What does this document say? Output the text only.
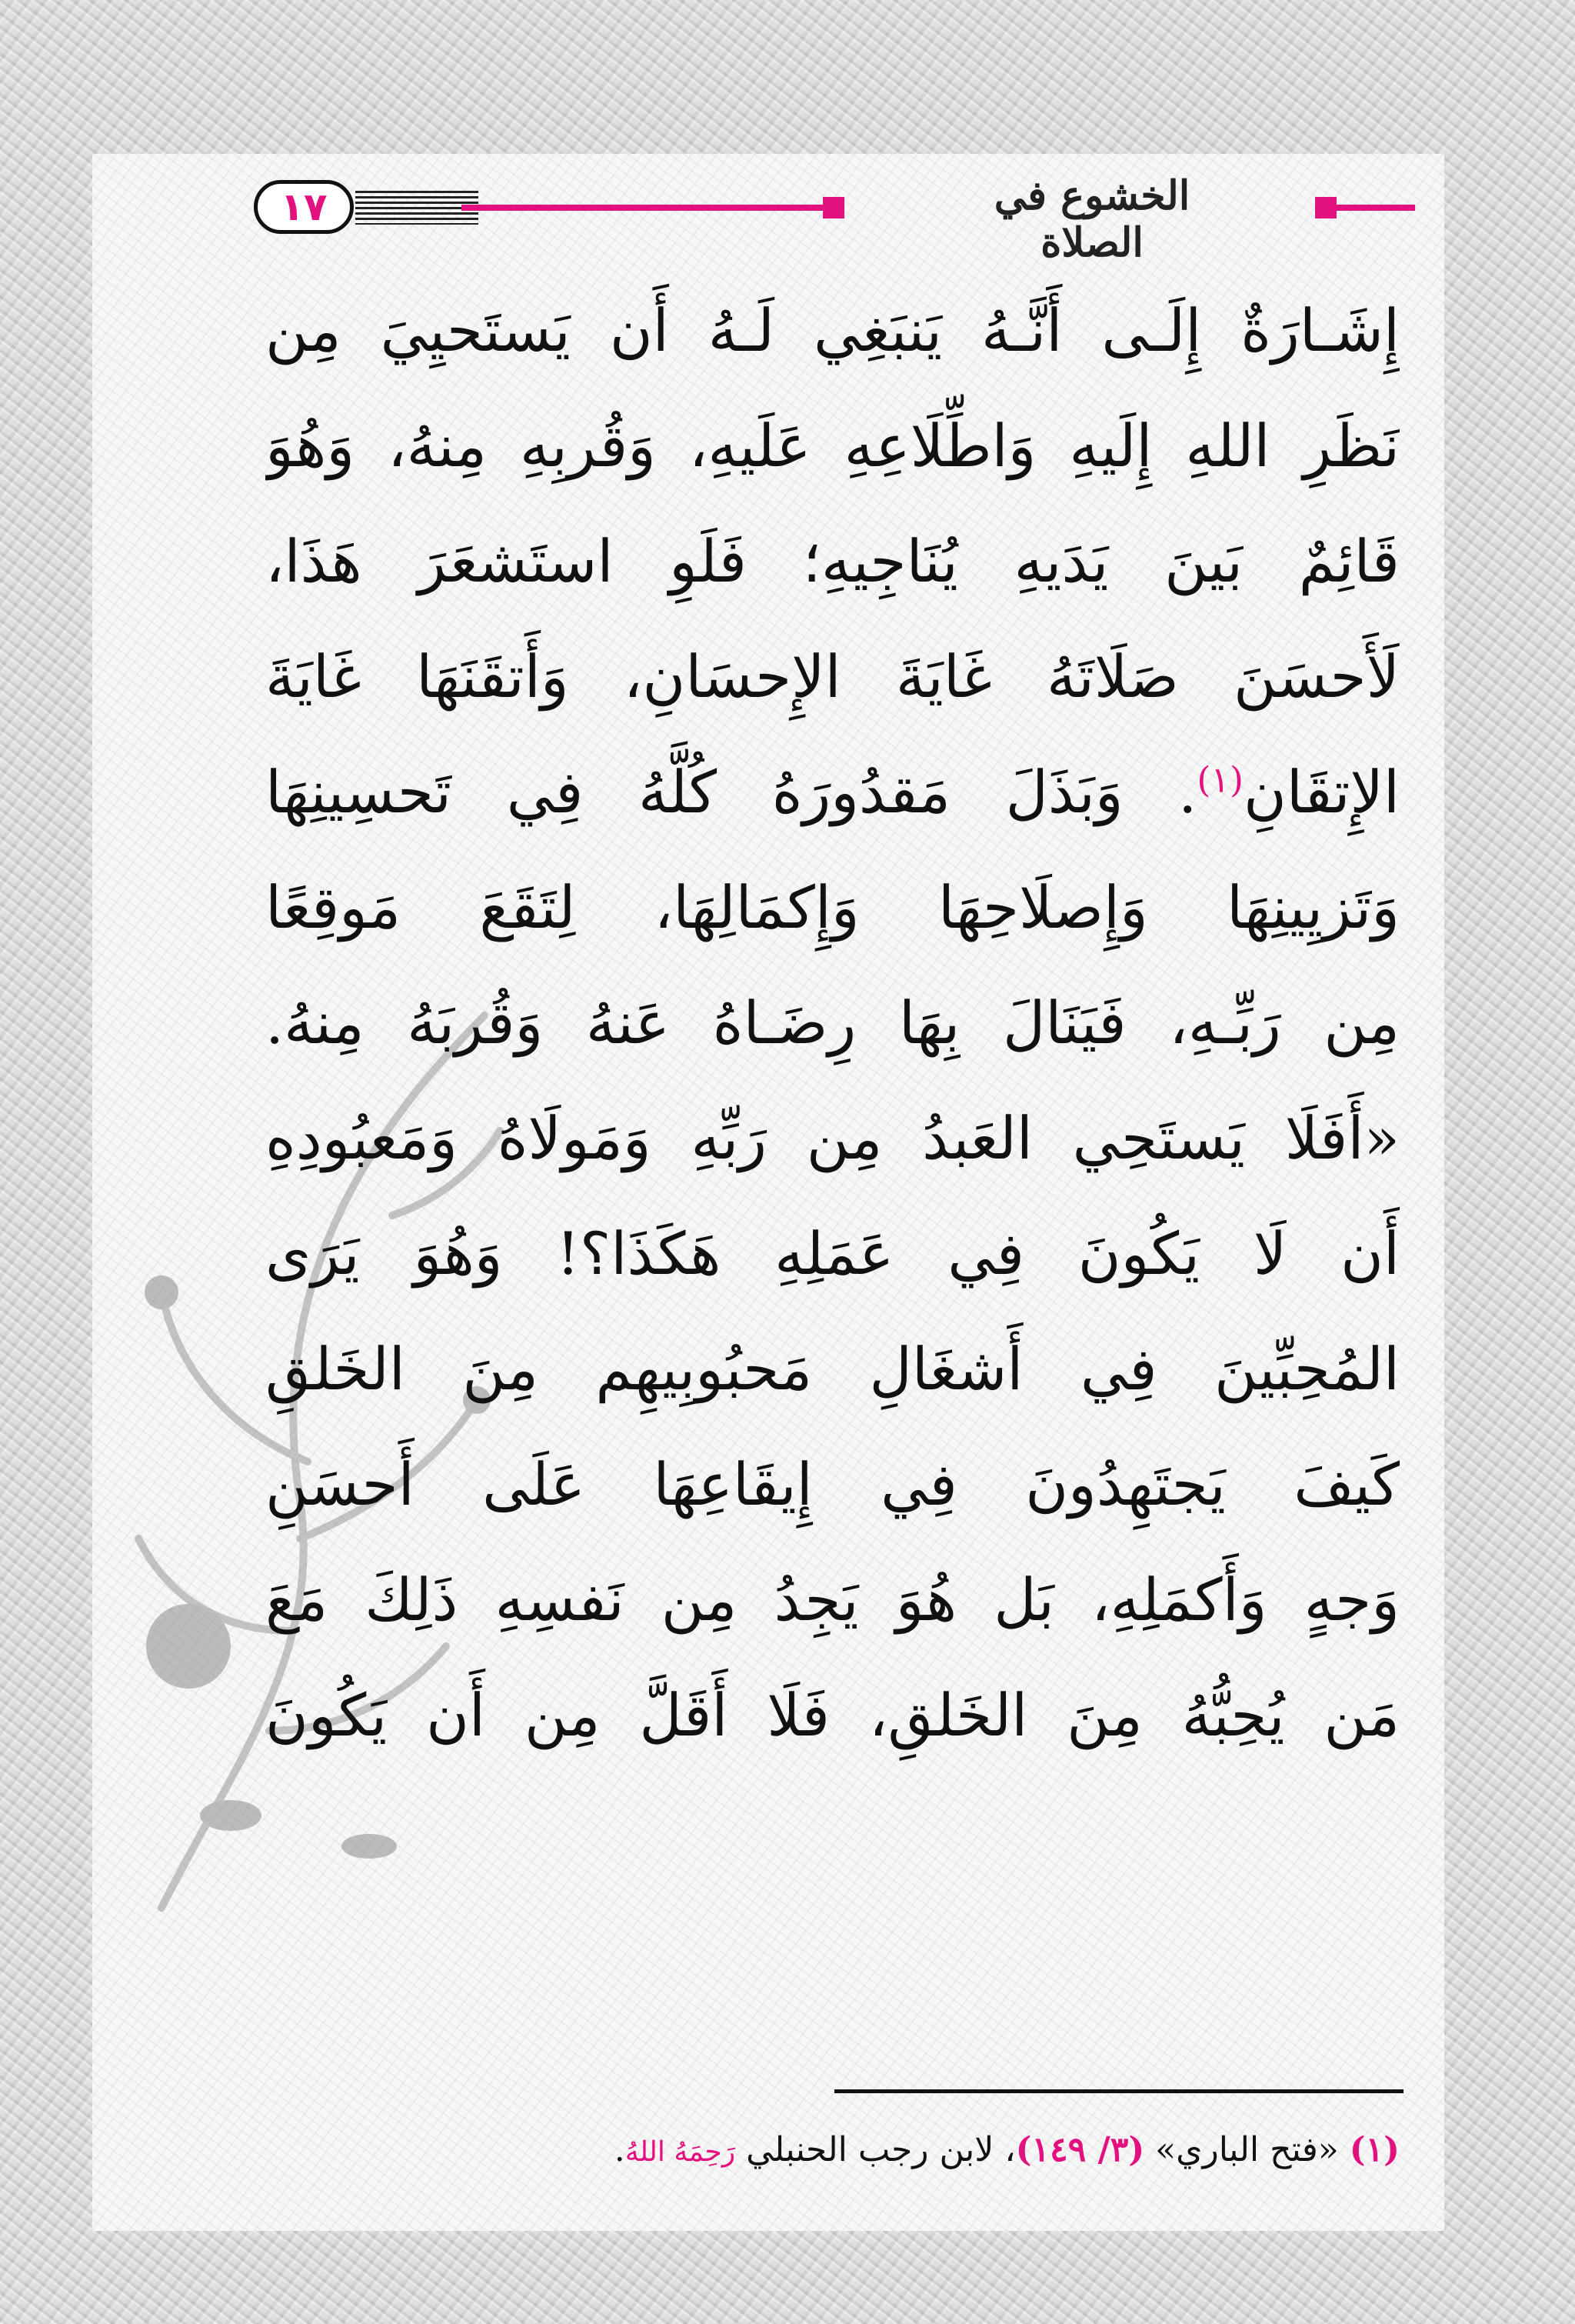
١٧	الخشوع في الصلاة
إِشَـارَةٌ إِلَـى أَنَّـهُ يَنبَغِي لَـهُ أَن يَستَحيِيَ مِن
نَظَرِ اللهِ إِلَيهِ وَاطِّلَاعِهِ عَلَيهِ، وَقُربِهِ مِنهُ، وَهُوَ
قَائِمٌ بَينَ يَدَيهِ يُنَاجِيهِ؛ فَلَوِ استَشعَرَ هَذَا،
لَأَحسَنَ صَلَاتَهُ غَايَةَ الإِحسَانِ، وَأَتقَنَهَا غَايَةَ
الإِتقَانِ$^{(١)}$. وَبَذَلَ مَقدُورَهُ كُلَّهُ فِي تَحسِينِهَا
وَتَزيِينِهَا وَإِصلَاحِهَا وَإِكمَالِهَا، لِتَقَعَ مَوقِعًا
مِن رَبِّـهِ، فَيَنَالَ بِهَا رِضَـاهُ عَنهُ وَقُربَهُ مِنهُ.
«أَفَلَا يَستَحِي العَبدُ مِن رَبِّهِ وَمَولَاهُ وَمَعبُودِهِ
أَن لَا يَكُونَ فِي عَمَلِهِ هَكَذَا؟! وَهُوَ يَرَى
المُحِبِّينَ فِي أَشغَالِ مَحبُوبِيهِم مِنَ الخَلقِ
كَيفَ يَجتَهِدُونَ فِي إِيقَاعِهَا عَلَى أَحسَنِ
وَجهٍ وَأَكمَلِهِ، بَل هُوَ يَجِدُ مِن نَفسِهِ ذَلِكَ مَعَ
مَن يُحِبُّهُ مِنَ الخَلقِ، فَلَا أَقَلَّ مِن أَن يَكُونَ
(١) «فتح الباري» (٣/ ١٤٩)، لابن رجب الحنبلي رَحِمَهُ اللهُ.
